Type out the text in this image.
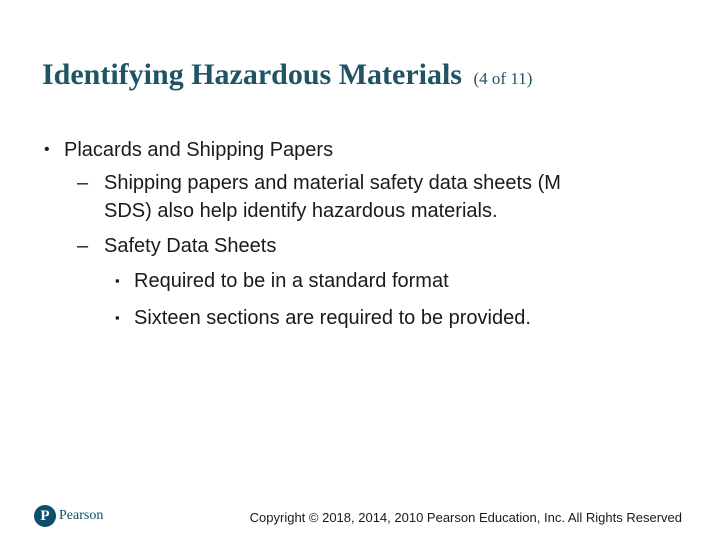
Identifying Hazardous Materials (4 of 11)
• Placards and Shipping Papers
– Shipping papers and material safety data sheets (M
SDS) also help identify hazardous materials.
– Safety Data Sheets
▪ Required to be in a standard format
▪ Sixteen sections are required to be provided.
P Pearson	Copyright © 2018, 2014, 2010 Pearson Education, Inc. All Rights Reserved
